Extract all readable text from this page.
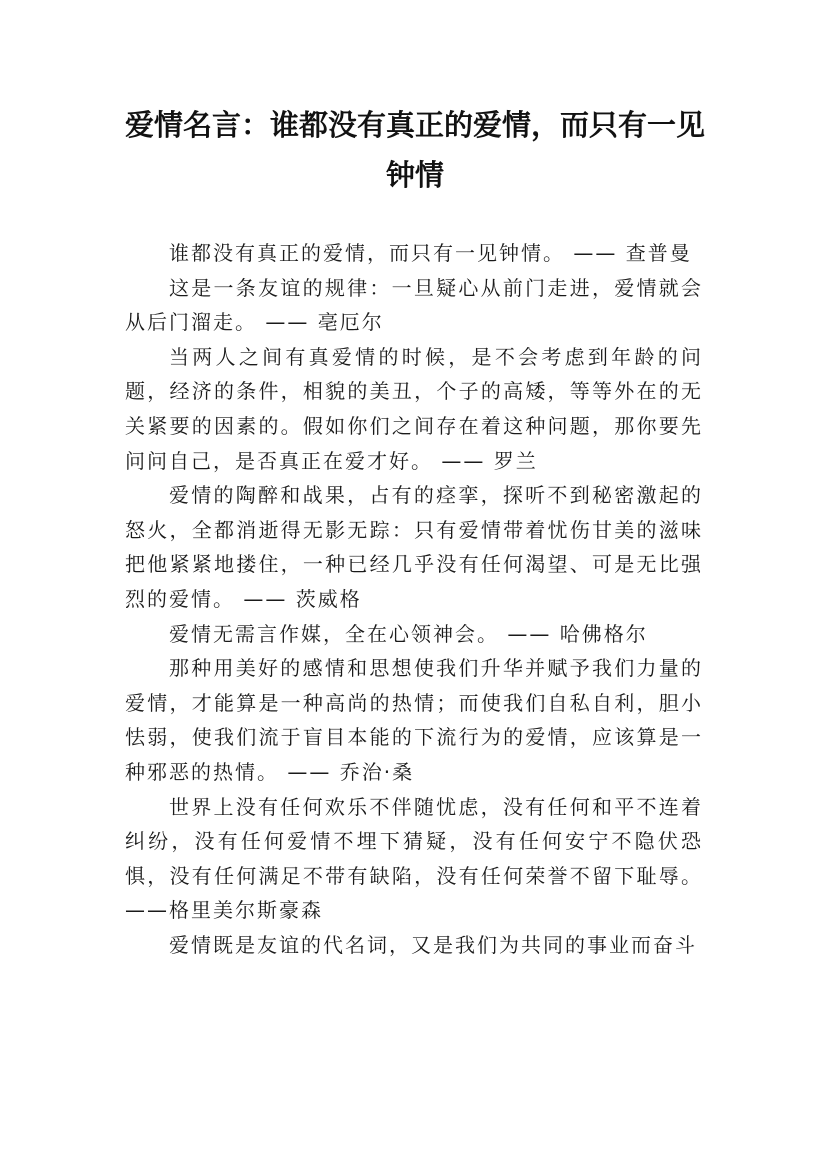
爱情名言：谁都没有真正的爱情，而只有一见钟情

谁都没有真正的爱情，而只有一见钟情。 —— 查普曼

这是一条友谊的规律：一旦疑心从前门走进，爱情就会从后门溜走。 —— 亳厄尔

当两人之间有真爱情的时候，是不会考虑到年龄的问题，经济的条件，相貌的美丑，个子的高矮，等等外在的无关紧要的因素的。假如你们之间存在着这种问题，那你要先问问自己，是否真正在爱才好。 —— 罗兰

爱情的陶醉和战果，占有的痉挛，探听不到秘密激起的怒火，全都消逝得无影无踪：只有爱情带着忧伤甘美的滋味把他紧紧地搂住，一种已经几乎没有任何渴望、可是无比强烈的爱情。 —— 茨威格

爱情无需言作媒，全在心领神会。 —— 哈佛格尔

那种用美好的感情和思想使我们升华并赋予我们力量的爱情，才能算是一种高尚的热情；而使我们自私自利，胆小怯弱，使我们流于盲目本能的下流行为的爱情，应该算是一种邪恶的热情。 —— 乔治·桑

世界上没有任何欢乐不伴随忧虑，没有任何和平不连着纠纷，没有任何爱情不埋下猜疑，没有任何安宁不隐伏恐惧，没有任何满足不带有缺陷，没有任何荣誉不留下耻辱。 ——格里美尔斯豪森

爱情既是友谊的代名词，又是我们为共同的事业而奋斗
